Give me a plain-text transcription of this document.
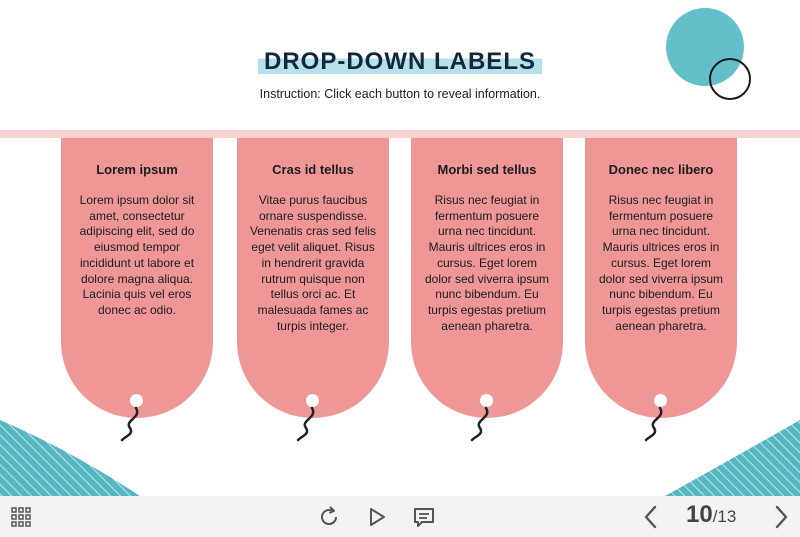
DROP-DOWN LABELS
Instruction: Click each button to reveal information.
Lorem ipsum
Lorem ipsum dolor sit amet, consectetur adipiscing elit, sed do eiusmod tempor incididunt ut labore et dolore magna aliqua. Lacinia quis vel eros donec ac odio.
Cras id tellus
Vitae purus faucibus ornare suspendisse. Venenatis cras sed felis eget velit aliquet. Risus in hendrerit gravida rutrum quisque non tellus orci ac. Et malesuada fames ac turpis integer.
Morbi sed tellus
Risus nec feugiat in fermentum posuere urna nec tincidunt. Mauris ultrices eros in cursus. Eget lorem dolor sed viverra ipsum nunc bibendum. Eu turpis egestas pretium aenean pharetra.
Donec nec libero
Risus nec feugiat in fermentum posuere urna nec tincidunt. Mauris ultrices eros in cursus. Eget lorem dolor sed viverra ipsum nunc bibendum. Eu turpis egestas pretium aenean pharetra.
10/13
